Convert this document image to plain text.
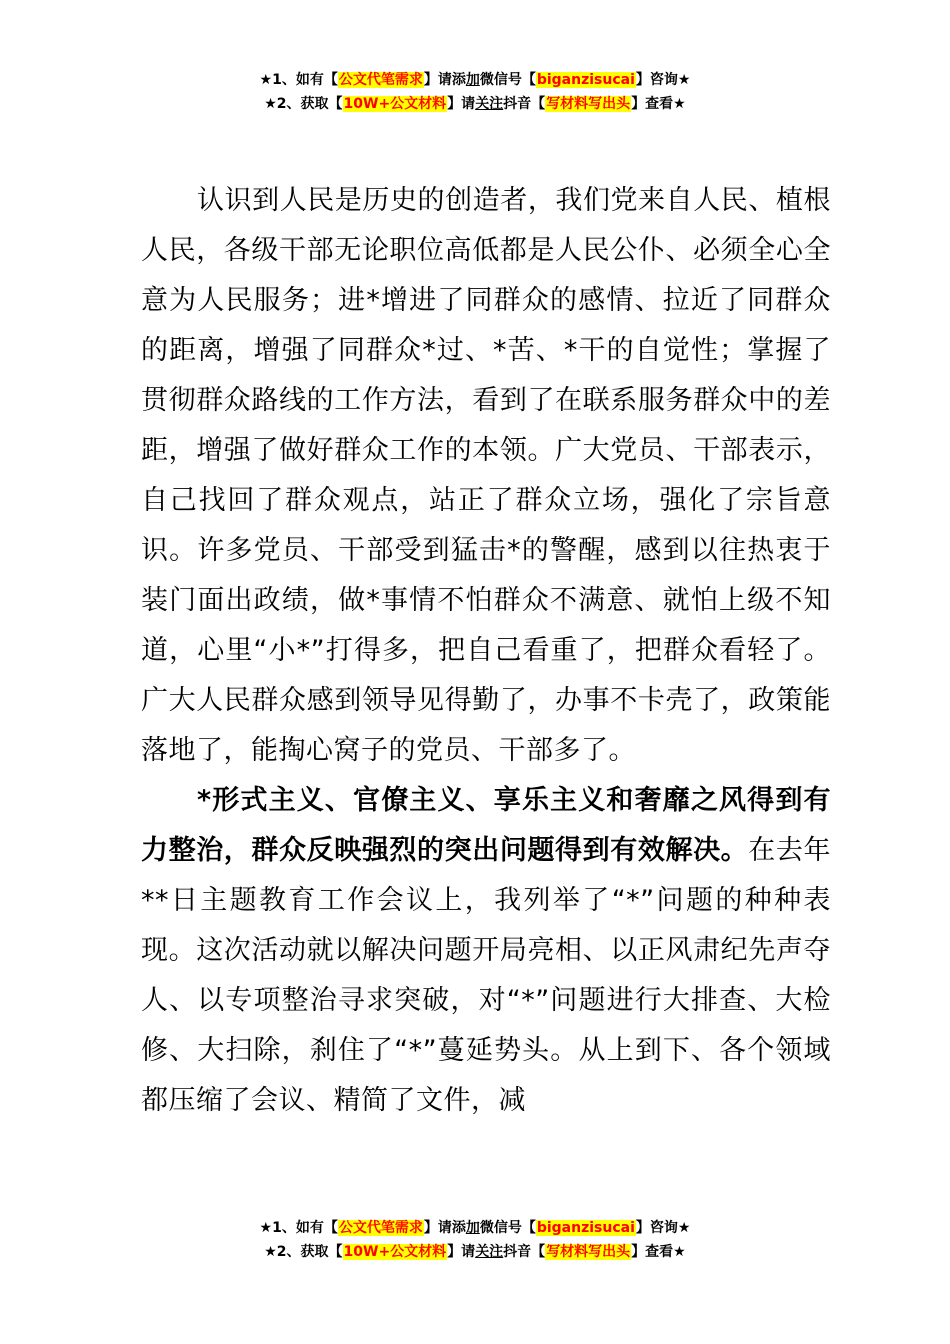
★1、如有【公文代笔需求】请添加微信号【biganzisucai】咨询★
★2、获取【10W+公文材料】请关注抖音【写材料写出头】查看★

认识到人民是历史的创造者，我们党来自人民、植根人民，各级干部无论职位高低都是人民公仆、必须全心全意为人民服务；进*增进了同群众的感情、拉近了同群众的距离，增强了同群众*过、*苦、*干的自觉性；掌握了贯彻群众路线的工作方法，看到了在联系服务群众中的差距，增强了做好群众工作的本领。广大党员、干部表示，自己找回了群众观点，站正了群众立场，强化了宗旨意识。许多党员、干部受到猛击*的警醒，感到以往热衷于装门面出政绩，做*事情不怕群众不满意、就怕上级不知道，心里“小*”打得多，把自己看重了，把群众看轻了。广大人民群众感到领导见得勤了，办事不卡壳了，政策能落地了，能掏心窝子的党员、干部多了。

*形式主义、官僚主义、享乐主义和奢靡之风得到有力整治，群众反映强烈的突出问题得到有效解决。在去年**日主题教育工作会议上，我列举了“*”问题的种种表现。这次活动就以解决问题开局亮相、以正风肃纪先声夺人、以专项整治寻求突破，对“*”问题进行大排查、大检修、大扫除，刹住了“*”蔓延势头。从上到下、各个领域都压缩了会议、精简了文件，减

★1、如有【公文代笔需求】请添加微信号【biganzisucai】咨询★
★2、获取【10W+公文材料】请关注抖音【写材料写出头】查看★
